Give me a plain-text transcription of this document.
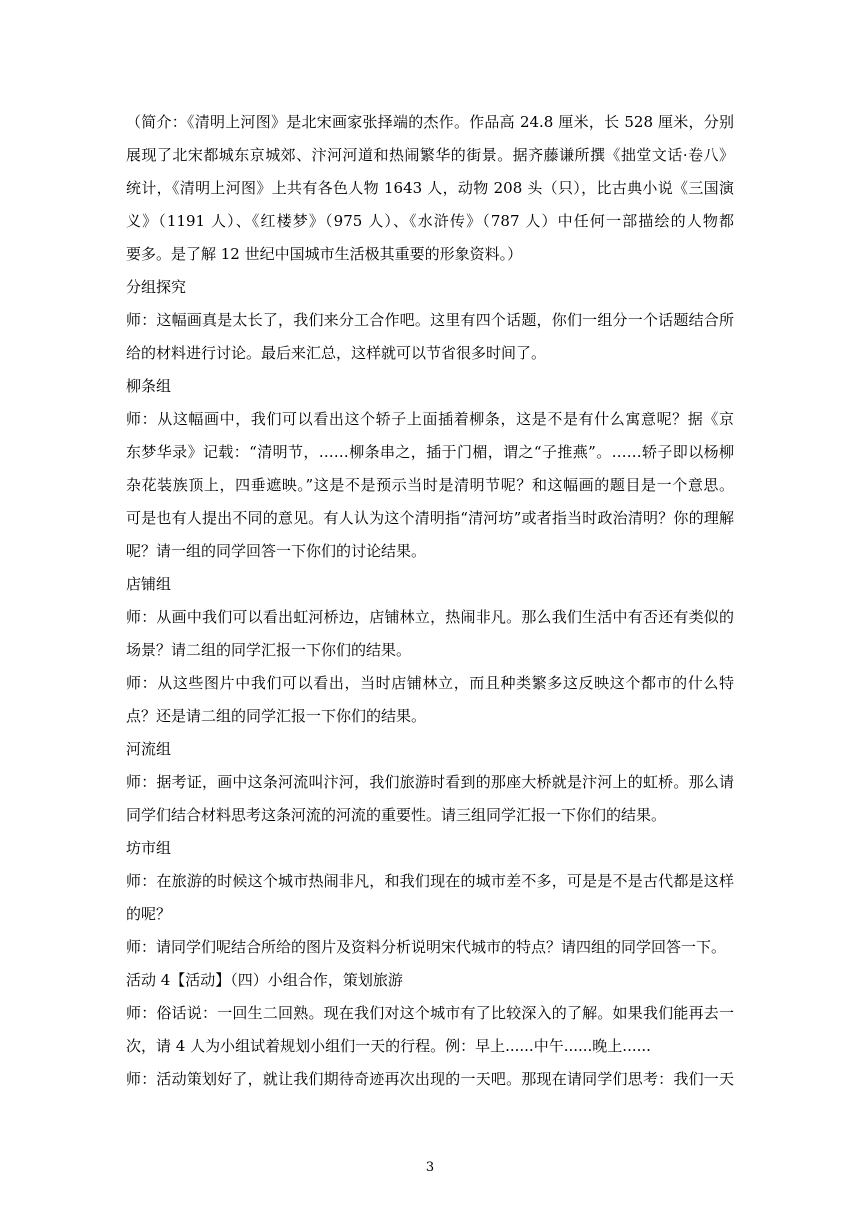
（简介：《清明上河图》是北宋画家张择端的杰作。作品高 24.8 厘米，长 528 厘米，分别
展现了北宋都城东京城郊、汴河河道和热闹繁华的街景。据齐藤谦所撰《拙堂文话·卷八》
统计，《清明上河图》上共有各色人物 1643 人，动物 208 头（只），比古典小说《三国演
义》（1191 人）、《红楼梦》（975 人）、《水浒传》（787 人）中任何一部描绘的人物都
要多。是了解 12 世纪中国城市生活极其重要的形象资料。）
分组探究
师：这幅画真是太长了，我们来分工合作吧。这里有四个话题，你们一组分一个话题结合所
给的材料进行讨论。最后来汇总，这样就可以节省很多时间了。
柳条组
师：从这幅画中，我们可以看出这个轿子上面插着柳条，这是不是有什么寓意呢？据《京
东梦华录》记载：“清明节，……柳条串之，插于门楣，谓之“子推燕”。……轿子即以杨柳
杂花装族顶上，四垂遮映。”这是不是预示当时是清明节呢？和这幅画的题目是一个意思。
可是也有人提出不同的意见。有人认为这个清明指“清河坊”或者指当时政治清明？你的理解
呢？请一组的同学回答一下你们的讨论结果。
店铺组
师：从画中我们可以看出虹河桥边，店铺林立，热闹非凡。那么我们生活中有否还有类似的
场景？请二组的同学汇报一下你们的结果。
师：从这些图片中我们可以看出，当时店铺林立，而且种类繁多这反映这个都市的什么特
点？还是请二组的同学汇报一下你们的结果。
河流组
师：据考证，画中这条河流叫汴河，我们旅游时看到的那座大桥就是汴河上的虹桥。那么请
同学们结合材料思考这条河流的河流的重要性。请三组同学汇报一下你们的结果。
坊市组
师：在旅游的时候这个城市热闹非凡，和我们现在的城市差不多，可是是不是古代都是这样
的呢？
师：请同学们呢结合所给的图片及资料分析说明宋代城市的特点？请四组的同学回答一下。
活动 4【活动】（四）小组合作，策划旅游
师：俗话说：一回生二回熟。现在我们对这个城市有了比较深入的了解。如果我们能再去一
次，请 4 人为小组试着规划小组们一天的行程。例：早上......中午......晚上......
师：活动策划好了，就让我们期待奇迹再次出现的一天吧。那现在请同学们思考：我们一天
3
